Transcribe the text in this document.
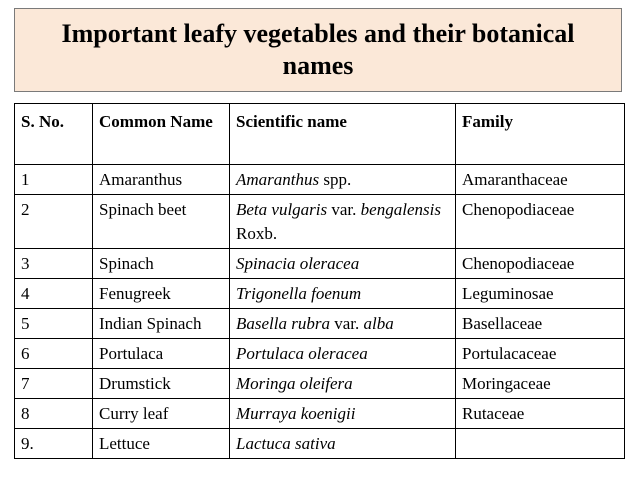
Important leafy vegetables and their botanical names
S. No.	Common Name	Scientific name	Family
1	Amaranthus	Amaranthus spp.	Amaranthaceae
2	Spinach beet	Beta vulgaris var. bengalensis Roxb.	Chenopodiaceae
3	Spinach	Spinacia oleracea	Chenopodiaceae
4	Fenugreek	Trigonella foenum	Leguminosae
5	Indian Spinach	Basella rubra var. alba	Basellaceae
6	Portulaca	Portulaca oleracea	Portulacaceae
7	Drumstick	Moringa oleifera	Moringaceae
8	Curry leaf	Murraya koenigii	Rutaceae
9.	Lettuce	Lactuca sativa	
